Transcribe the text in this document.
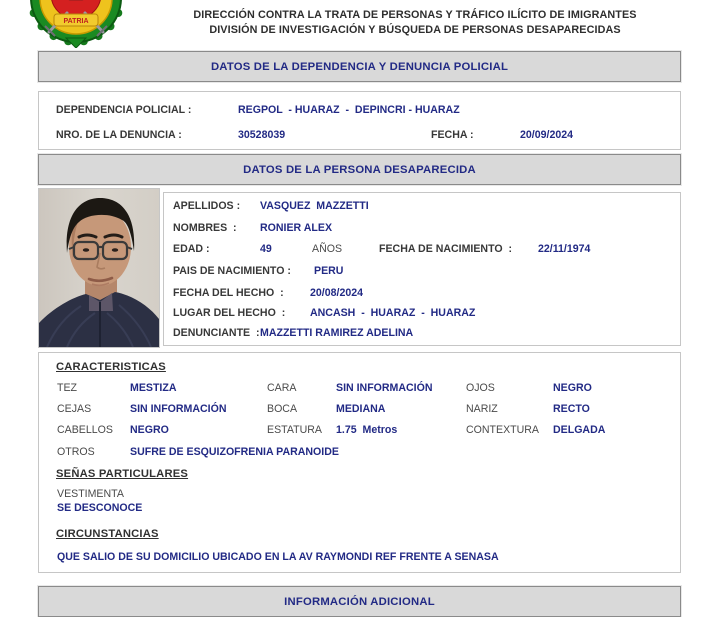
PATRIA
DIRECCIÓN CONTRA LA TRATA DE PERSONAS Y TRÁFICO ILÍCITO DE IMIGRANTES
DIVISIÓN DE INVESTIGACIÓN Y BÚSQUEDA DE PERSONAS DESAPARECIDAS
DATOS DE LA DEPENDENCIA Y DENUNCIA POLICIAL
DEPENDENCIA POLICIAL :	REGPOL  - HUARAZ  -  DEPINCRI - HUARAZ
NRO. DE LA DENUNCIA :	30528039	FECHA :	20/09/2024
DATOS DE LA PERSONA DESAPARECIDA
APELLIDOS : VASQUEZ  MAZZETTI
NOMBRES  : RONIER ALEX
EDAD :	49	AÑOS	FECHA DE NACIMIENTO  : 22/11/1974
PAIS DE NACIMIENTO : PERU
FECHA DEL HECHO  : 20/08/2024
LUGAR DEL HECHO  : ANCASH  -  HUARAZ  -  HUARAZ
DENUNCIANTE  : MAZZETTI RAMIREZ ADELINA
CARACTERISTICAS
TEZ	MESTIZA	CARA	SIN INFORMACIÓN	OJOS	NEGRO
CEJAS	SIN INFORMACIÓN	BOCA	MEDIANA	NARIZ	RECTO
CABELLOS NEGRO	ESTATURA 1.75  Metros	CONTEXTURA DELGADA
OTROS	SUFRE DE ESQUIZOFRENIA PARANOIDE
SEÑAS PARTICULARES
VESTIMENTA
SE DESCONOCE
CIRCUNSTANCIAS
QUE SALIO DE SU DOMICILIO UBICADO EN LA AV RAYMONDI REF FRENTE A SENASA
INFORMACIÓN ADICIONAL
